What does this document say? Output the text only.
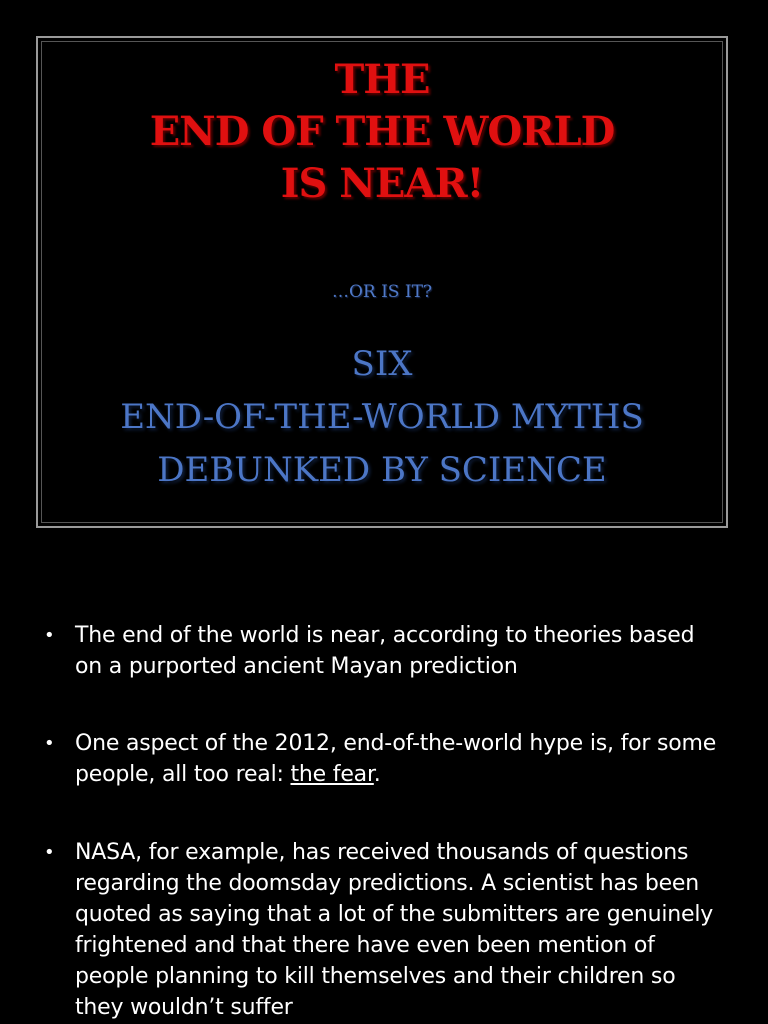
THE
END OF THE WORLD
IS NEAR!
…OR IS IT?
SIX
END-OF-THE-WORLD MYTHS
DEBUNKED BY SCIENCE
• The end of the world is near, according to theories based on a purported ancient Mayan prediction
• One aspect of the 2012, end-of-the-world hype is, for some people, all too real: the fear.
• NASA, for example, has received thousands of questions regarding the doomsday predictions. A scientist has been quoted as saying that a lot of the submitters are genuinely frightened and that there have even been mention of people planning to kill themselves and their children so they wouldn’t suffer
